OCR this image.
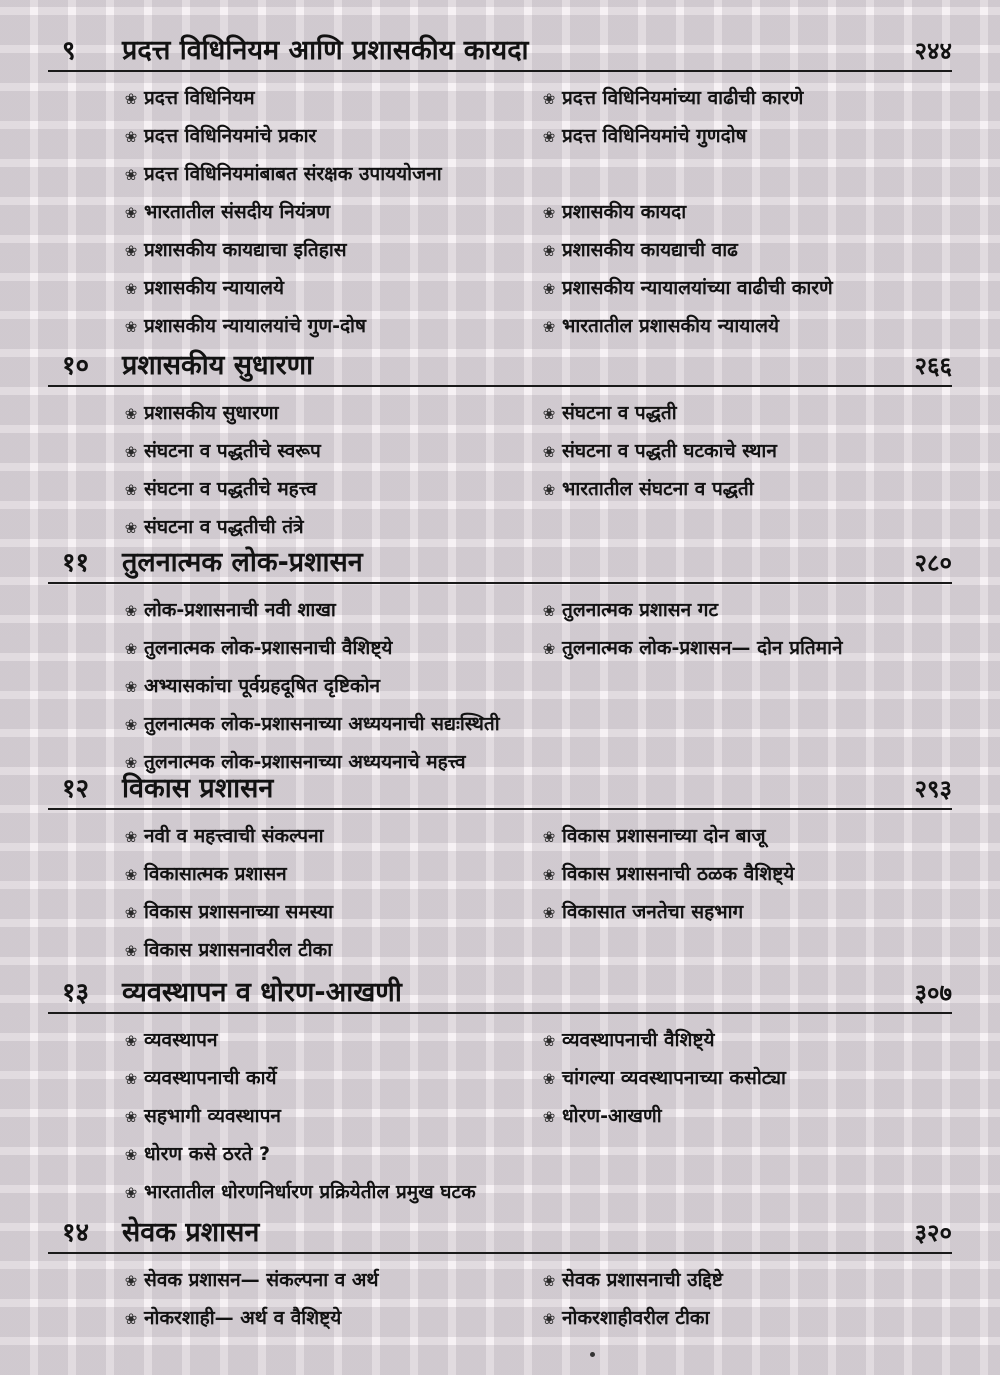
९ प्रदत्त विधिनियम आणि प्रशासकीय कायदा	२४४
❀ प्रदत्त विधिनियम	❀ प्रदत्त विधिनियमांच्या वाढीची कारणे
❀ प्रदत्त विधिनियमांचे प्रकार	❀ प्रदत्त विधिनियमांचे गुणदोष
❀ प्रदत्त विधिनियमांबाबत संरक्षक उपाययोजना
❀ भारतातील संसदीय नियंत्रण	❀ प्रशासकीय कायदा
❀ प्रशासकीय कायद्याचा इतिहास	❀ प्रशासकीय कायद्याची वाढ
❀ प्रशासकीय न्यायालये	❀ प्रशासकीय न्यायालयांच्या वाढीची कारणे
❀ प्रशासकीय न्यायालयांचे गुण-दोष	❀ भारतातील प्रशासकीय न्यायालये
१० प्रशासकीय सुधारणा	२६६
❀ प्रशासकीय सुधारणा	❀ संघटना व पद्धती
❀ संघटना व पद्धतीचे स्वरूप	❀ संघटना व पद्धती घटकाचे स्थान
❀ संघटना व पद्धतीचे महत्त्व	❀ भारतातील संघटना व पद्धती
❀ संघटना व पद्धतीची तंत्रे
११ तुलनात्मक लोक-प्रशासन	२८०
❀ लोक-प्रशासनाची नवी शाखा	❀ तुलनात्मक प्रशासन गट
❀ तुलनात्मक लोक-प्रशासनाची वैशिष्ट्ये	❀ तुलनात्मक लोक-प्रशासन— दोन प्रतिमाने
❀ अभ्यासकांचा पूर्वग्रहदूषित दृष्टिकोन
❀ तुलनात्मक लोक-प्रशासनाच्या अध्ययनाची सद्यःस्थिती
❀ तुलनात्मक लोक-प्रशासनाच्या अध्ययनाचे महत्त्व
१२ विकास प्रशासन	२९३
❀ नवी व महत्त्वाची संकल्पना	❀ विकास प्रशासनाच्या दोन बाजू
❀ विकासात्मक प्रशासन	❀ विकास प्रशासनाची ठळक वैशिष्ट्ये
❀ विकास प्रशासनाच्या समस्या	❀ विकासात जनतेचा सहभाग
❀ विकास प्रशासनावरील टीका
१३ व्यवस्थापन व धोरण-आखणी	३०७
❀ व्यवस्थापन	❀ व्यवस्थापनाची वैशिष्ट्ये
❀ व्यवस्थापनाची कार्ये	❀ चांगल्या व्यवस्थापनाच्या कसोट्या
❀ सहभागी व्यवस्थापन	❀ धोरण-आखणी
❀ धोरण कसे ठरते ?
❀ भारतातील धोरणनिर्धारण प्रक्रियेतील प्रमुख घटक
१४ सेवक प्रशासन	३२०
❀ सेवक प्रशासन— संकल्पना व अर्थ	❀ सेवक प्रशासनाची उद्दिष्टे
❀ नोकरशाही— अर्थ व वैशिष्ट्ये	❀ नोकरशाहीवरील टीका
